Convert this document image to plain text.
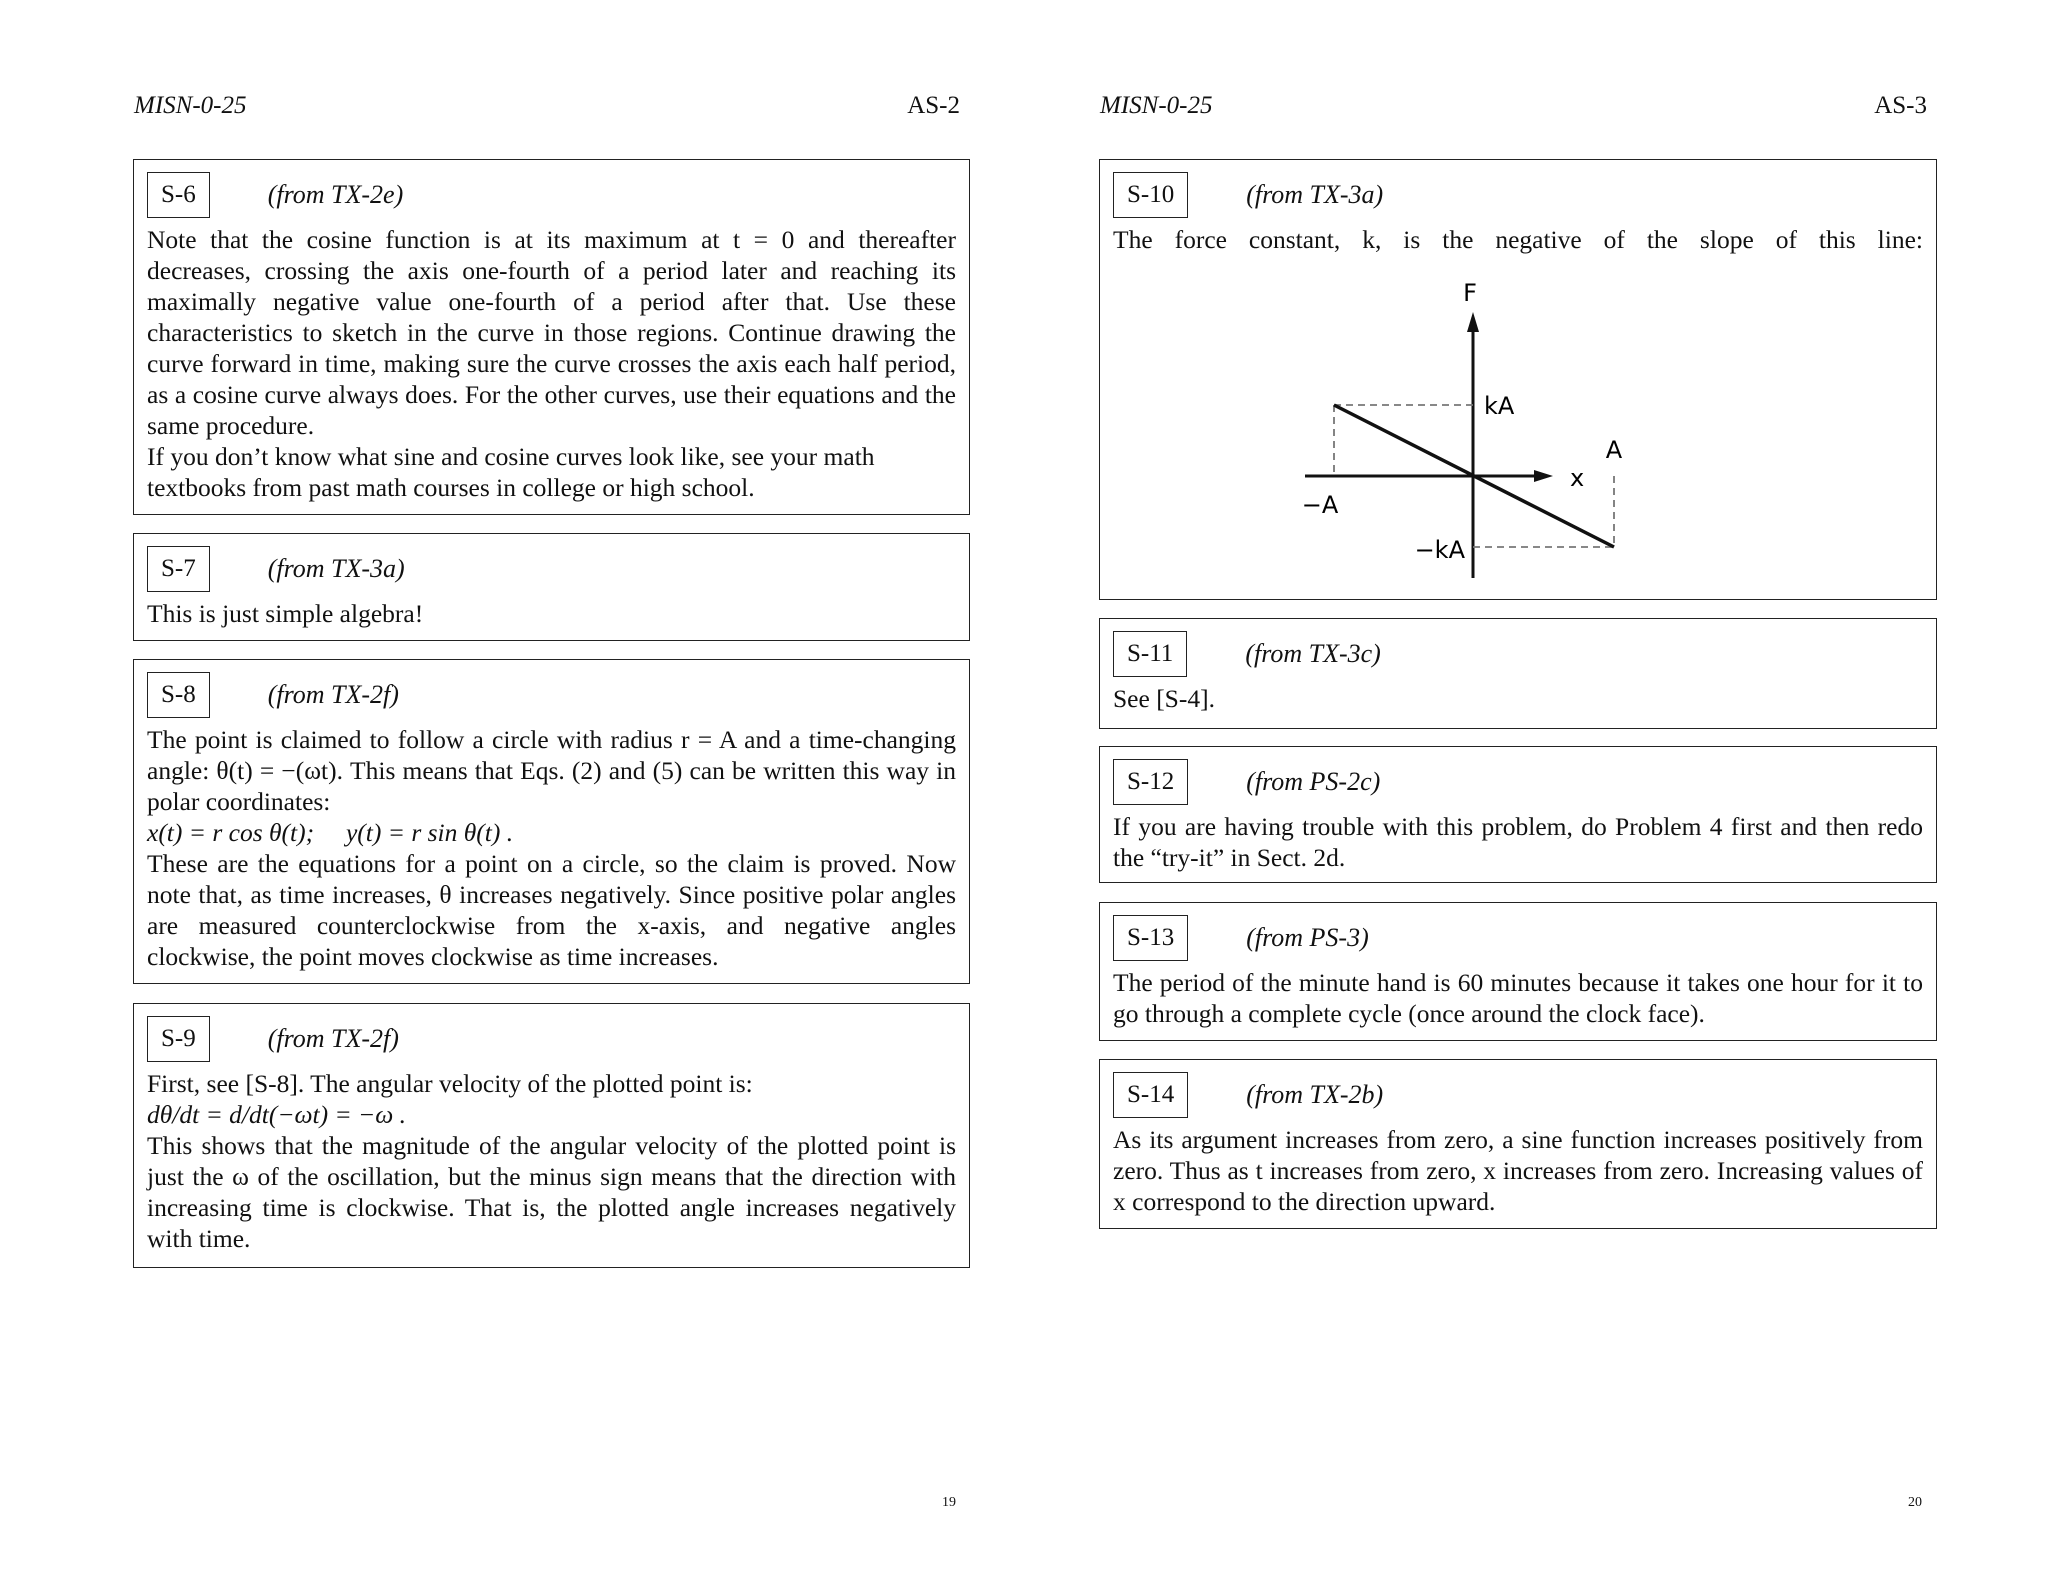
MISN-0-25	AS-2
S-6	(from TX-2e)

Note that the cosine function is at its maximum at t = 0 and thereafter decreases, crossing the axis one-fourth of a period later and reaching its maximally negative value one-fourth of a period after that. Use these characteristics to sketch in the curve in those regions. Continue drawing the curve forward in time, making sure the curve crosses the axis each half period, as a cosine curve always does. For the other curves, use their equations and the same procedure.

If you don’t know what sine and cosine curves look like, see your math textbooks from past math courses in college or high school.

S-7	(from TX-3a)

This is just simple algebra!

S-8	(from TX-2f)

The point is claimed to follow a circle with radius r = A and a time-changing angle: θ(t) = −(ωt). This means that Eqs. (2) and (5) can be written this way in polar coordinates:

x(t) = r cos θ(t);     y(t) = r sin θ(t) .

These are the equations for a point on a circle, so the claim is proved. Now note that, as time increases, θ increases negatively. Since positive polar angles are measured counterclockwise from the x-axis, and negative angles clockwise, the point moves clockwise as time increases.

S-9	(from TX-2f)

First, see [S-8]. The angular velocity of the plotted point is:

dθ/dt = d/dt(−ωt) = −ω .

This shows that the magnitude of the angular velocity of the plotted point is just the ω of the oscillation, but the minus sign means that the direction with increasing time is clockwise. That is, the plotted angle increases negatively with time.

19
MISN-0-25	AS-3
S-10	(from TX-3a)

The force constant, k, is the negative of the slope of this line:

F
x
kA
−kA
A
−A
S-11	(from TX-3c)

See [S-4].

S-12	(from PS-2c)

If you are having trouble with this problem, do Problem 4 first and then redo the “try-it” in Sect. 2d.

S-13	(from PS-3)

The period of the minute hand is 60 minutes because it takes one hour for it to go through a complete cycle (once around the clock face).

S-14	(from TX-2b)

As its argument increases from zero, a sine function increases positively from zero. Thus as t increases from zero, x increases from zero. Increasing values of x correspond to the direction upward.

20
